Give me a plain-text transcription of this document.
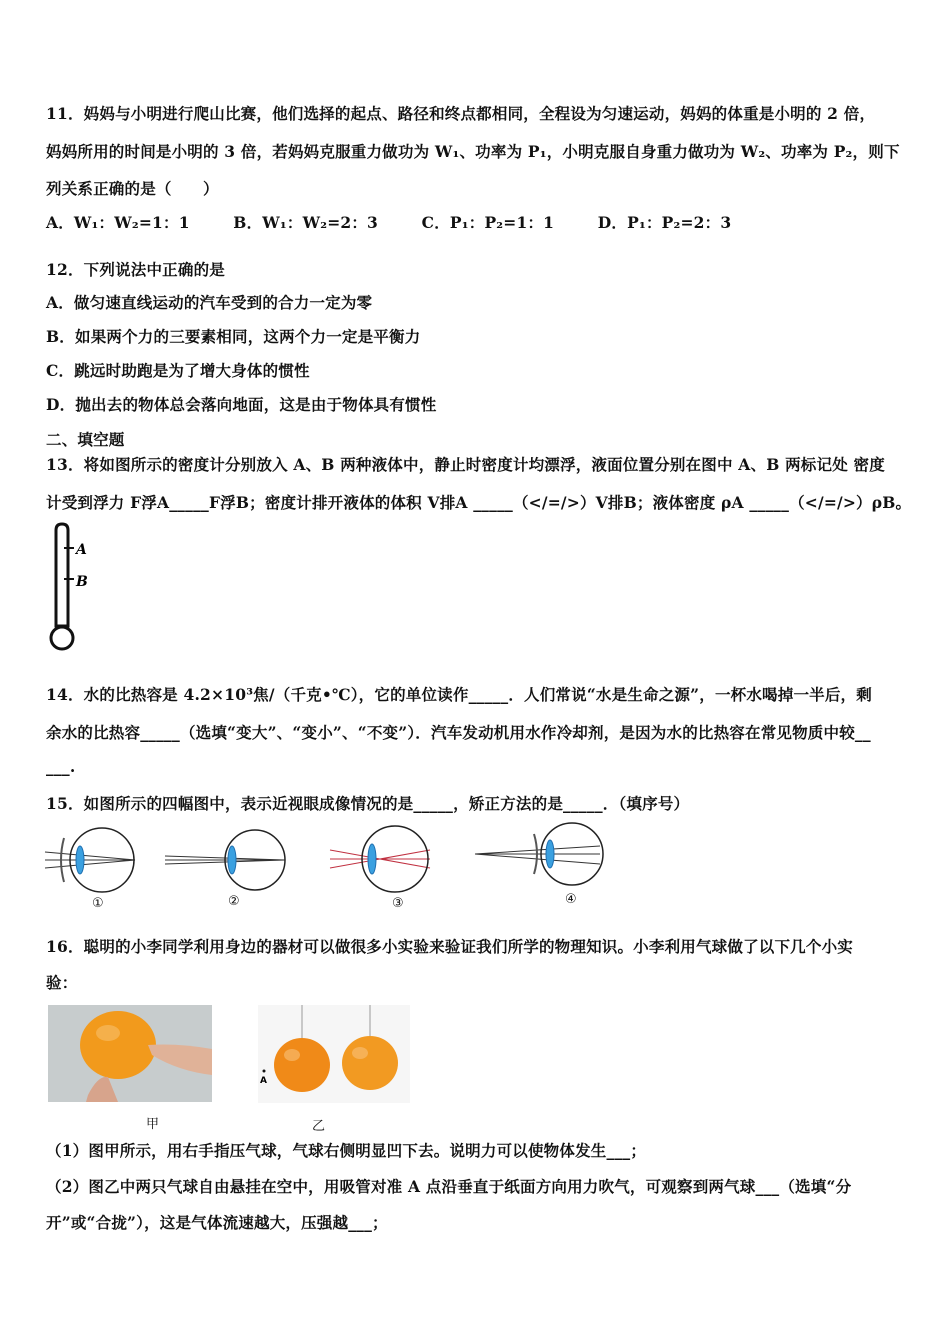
11．妈妈与小明进行爬山比赛，他们选择的起点、路径和终点都相同，全程设为匀速运动，妈妈的体重是小明的 2 倍，
妈妈所用的时间是小明的 3 倍，若妈妈克服重力做功为 W₁、功率为 P₁，小明克服自身重力做功为 W₂、功率为 P₂，则下
列关系正确的是（　　）
A．W₁：W₂=1：1	B．W₁：W₂=2：3	C．P₁：P₂=1：1	D．P₁：P₂=2：3
12．下列说法中正确的是
A．做匀速直线运动的汽车受到的合力一定为零
B．如果两个力的三要素相同，这两个力一定是平衡力
C．跳远时助跑是为了增大身体的惯性
D．抛出去的物体总会落向地面，这是由于物体具有惯性
二、填空题
13．将如图所示的密度计分别放入 A、B 两种液体中，静止时密度计均漂浮，液面位置分别在图中 A、B 两标记处 密度
计受到浮力 F浮A_____F浮B；密度计排开液体的体积 V排A _____（</=/>）V排B；液体密度 ρA _____（</=/>）ρB。
A
B
14．水的比热容是 4.2×10³焦/（千克•℃），它的单位读作_____．人们常说“水是生命之源”，一杯水喝掉一半后，剩
余水的比热容_____（选填“变大”、“变小”、“不变”）．汽车发动机用水作冷却剂，是因为水的比热容在常见物质中较__
___.
15．如图所示的四幅图中，表示近视眼成像情况的是_____，矫正方法的是_____．（填序号）
①	②	③	④
16．聪明的小李同学利用身边的器材可以做很多小实验来验证我们所学的物理知识。小李利用气球做了以下几个小实
验：
甲
A
乙
（1）图甲所示，用右手指压气球，气球右侧明显凹下去。说明力可以使物体发生___；
（2）图乙中两只气球自由悬挂在空中，用吸管对准 A 点沿垂直于纸面方向用力吹气，可观察到两气球___（选填“分
开”或“合拢”），这是气体流速越大，压强越___；
